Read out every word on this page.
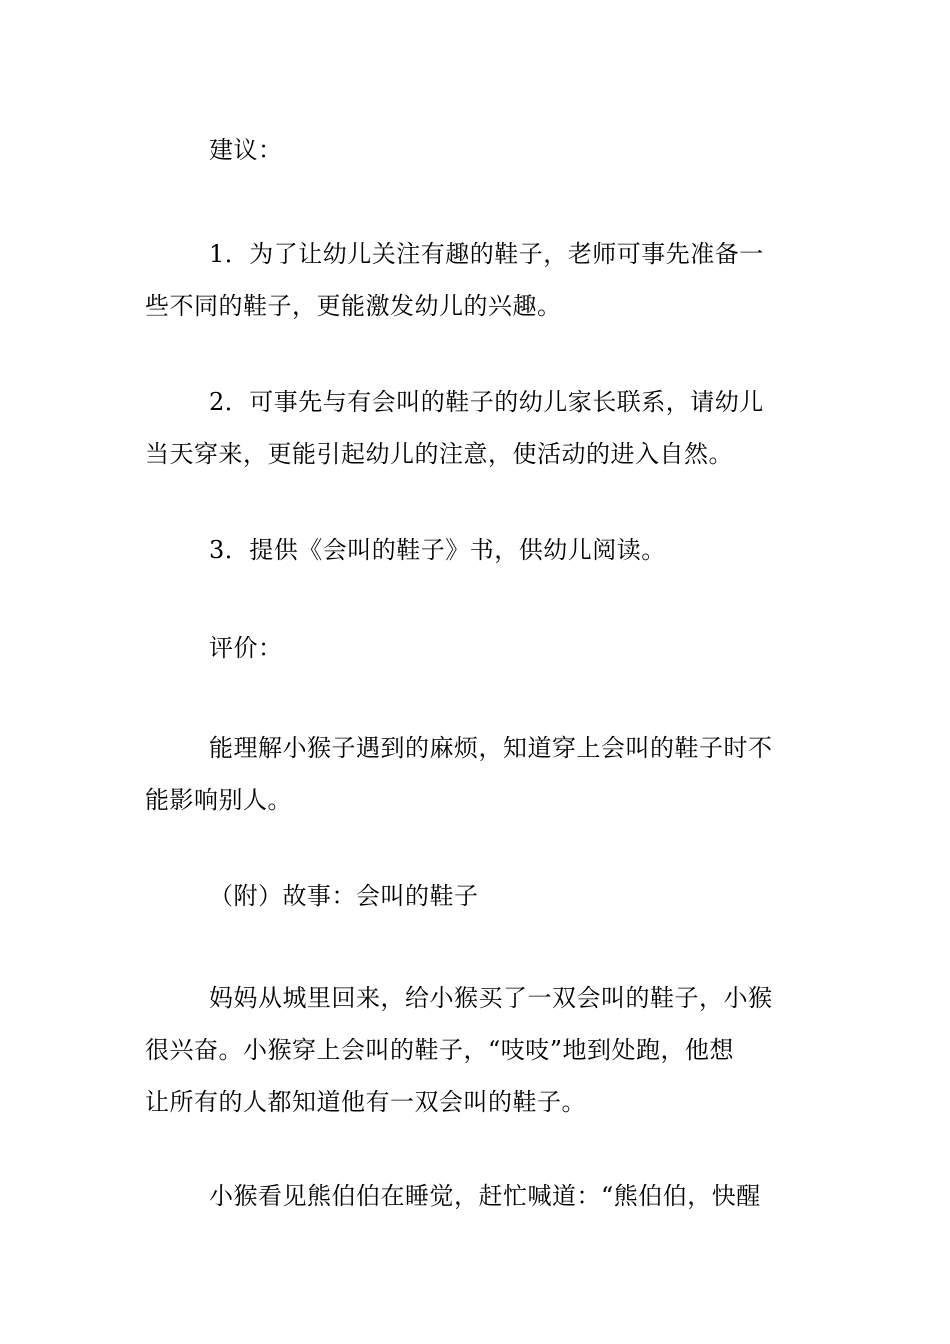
建议：
1．为了让幼儿关注有趣的鞋子，老师可事先准备一
些不同的鞋子，更能激发幼儿的兴趣。
2．可事先与有会叫的鞋子的幼儿家长联系，请幼儿
当天穿来，更能引起幼儿的注意，使活动的进入自然。
3．提供《会叫的鞋子》书，供幼儿阅读。
评价：
能理解小猴子遇到的麻烦，知道穿上会叫的鞋子时不
能影响别人。
（附）故事：会叫的鞋子
妈妈从城里回来，给小猴买了一双会叫的鞋子，小猴
很兴奋。小猴穿上会叫的鞋子，“吱吱”地到处跑，他想
让所有的人都知道他有一双会叫的鞋子。
小猴看见熊伯伯在睡觉，赶忙喊道：“熊伯伯，快醒
